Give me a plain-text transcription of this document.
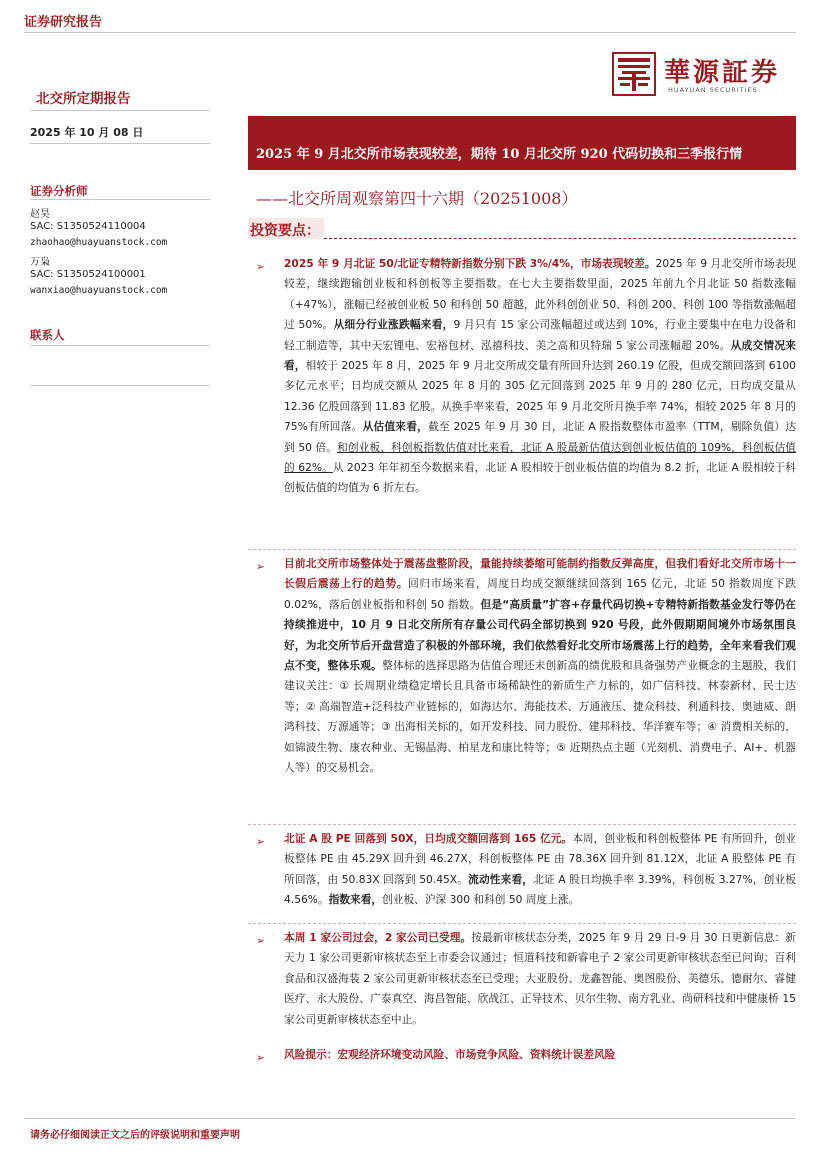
证券研究报告
北交所定期报告
華源証券
HUAYUAN SECURITIES
2025 年 10 月 08 日
2025 年 9 月北交所市场表现较差，期待 10 月北交所 920 代码切换和三季报行情
——北交所周观察第四十六期（20251008）
证券分析师
赵昊
SAC: S1350524110004
zhaohao@huayuanstock.com
万枭
SAC: S1350524100001
wanxiao@huayuanstock.com
联系人
投资要点：
➢ 2025 年 9 月北证 50/北证专精特新指数分别下跌 3%/4%，市场表现较差。2025 年 9 月北交所市场表现较差，继续跑输创业板和科创板等主要指数。在七大主要指数里面，2025 年前九个月北证 50 指数涨幅（+47%），涨幅已经被创业板 50 和科创 50 超越，此外科创创业 50、科创 200、科创 100 等指数涨幅超过 50%。从细分行业涨跌幅来看，9 月只有 15 家公司涨幅超过或达到 10%，行业主要集中在电力设备和轻工制造等，其中天宏锂电、宏裕包材、泓禧科技、美之高和贝特瑞 5 家公司涨幅超 20%。从成交情况来看，相较于 2025 年 8 月，2025 年 9 月北交所成交量有所回升达到 260.19 亿股，但成交额回落到 6100 多亿元水平；日均成交额从 2025 年 8 月的 305 亿元回落到 2025 年 9 月的 280 亿元，日均成交量从 12.36 亿股回落到 11.83 亿股。从换手率来看，2025 年 9 月北交所月换手率 74%，相较 2025 年 8 月的 75%有所回落。从估值来看，截至 2025 年 9 月 30 日，北证 A 股指数整体市盈率（TTM，剔除负值）达到 50 倍。和创业板、科创板指数估值对比来看，北证 A 股最新估值达到创业板估值的 109%，科创板估值的 62%。从 2023 年年初至今数据来看，北证 A 股相较于创业板估值的均值为 8.2 折，北证 A 股相较于科创板估值的均值为 6 折左右。
➢ 目前北交所市场整体处于震荡盘整阶段，量能持续萎缩可能制约指数反弹高度，但我们看好北交所市场十一长假后震荡上行的趋势。回归市场来看，周度日均成交额继续回落到 165 亿元，北证 50 指数周度下跌 0.02%，落后创业板指和科创 50 指数。但是“高质量”扩容+存量代码切换+专精特新指数基金发行等仍在持续推进中，10 月 9 日北交所所有存量公司代码全部切换到 920 号段，此外假期期间境外市场氛围良好，为北交所节后开盘营造了积极的外部环境，我们依然看好北交所市场震荡上行的趋势，全年来看我们观点不变，整体乐观。整体标的选择思路为估值合理还未创新高的绩优股和具备强势产业概念的主题股，我们建议关注：① 长周期业绩稳定增长且具备市场稀缺性的新质生产力标的，如广信科技、林泰新材、民士达等；② 高端智造+泛科技产业链标的，如海达尔、海能技术、万通液压、捷众科技、利通科技、奥迪威、朗鸿科技、万源通等；③ 出海相关标的，如开发科技、同力股份、建邦科技、华洋赛车等；④ 消费相关标的，如锦波生物、康农种业、无锡晶海、柏星龙和康比特等；⑤ 近期热点主题（光刻机、消费电子、AI+、机器人等）的交易机会。
➢ 北证 A 股 PE 回落到 50X，日均成交额回落到 165 亿元。本周，创业板和科创板整体 PE 有所回升，创业板整体 PE 由 45.29X 回升到 46.27X，科创板整体 PE 由 78.36X 回升到 81.12X，北证 A 股整体 PE 有所回落，由 50.83X 回落到 50.45X。流动性来看，北证 A 股日均换手率 3.39%，科创板 3.27%，创业板 4.56%。指数来看，创业板、沪深 300 和科创 50 周度上涨。
➢ 本周 1 家公司过会，2 家公司已受理。按最新审核状态分类，2025 年 9 月 29 日-9 月 30 日更新信息：新天力 1 家公司更新审核状态至上市委会议通过；恒道科技和新睿电子 2 家公司更新审核状态至已问询；百利食品和汉盛海装 2 家公司更新审核状态至已受理；大亚股份、龙鑫智能、奥图股份、美德乐、德耐尔、睿健医疗、永大股份、广泰真空、海昌智能、欣战江、正导技术、贝尔生物、南方乳业、尚研科技和中健康桥 15 家公司更新审核状态至中止。
➢ 风险提示：宏观经济环境变动风险、市场竞争风险、资料统计误差风险
请务必仔细阅读正文之后的评级说明和重要声明
